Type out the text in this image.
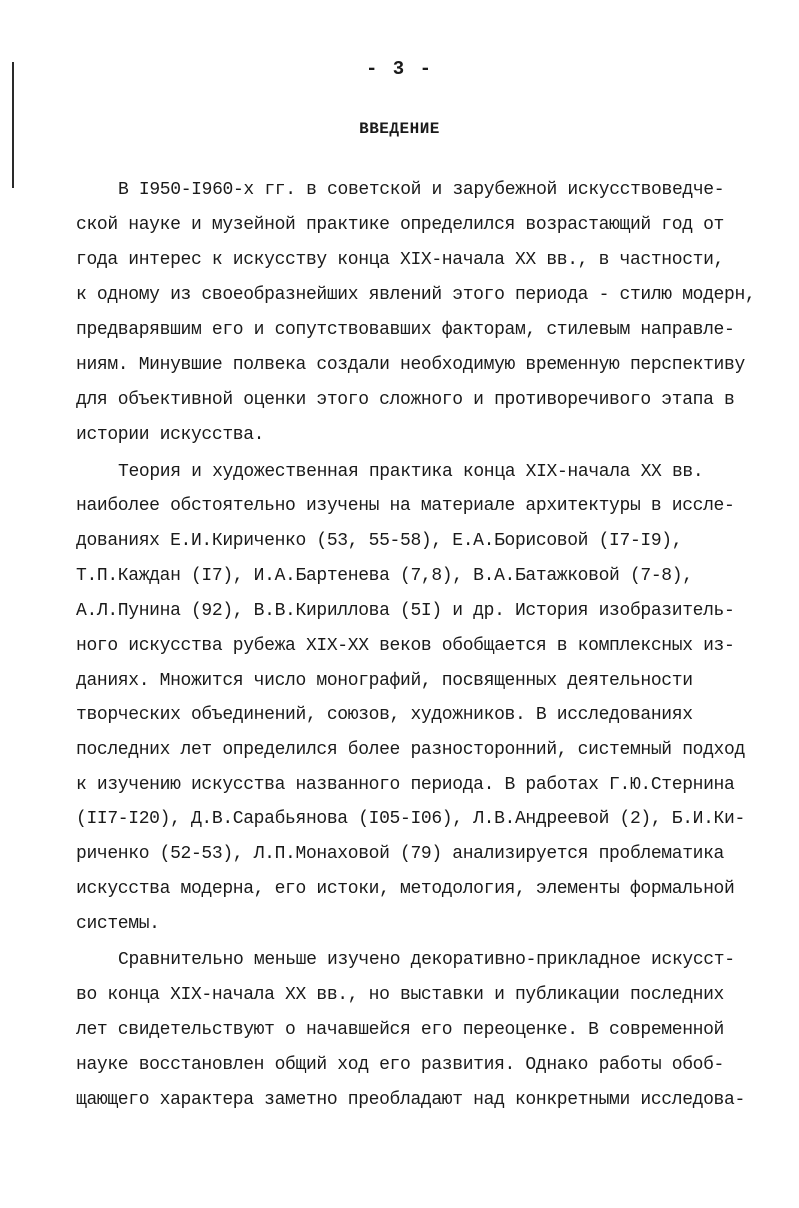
- 3 -
ВВЕДЕНИЕ
В I950-I960-х гг. в советской и зарубежной искусствоведче-
ской науке и музейной практике определился возрастающий год от
года интерес к искусству конца XIX-начала XX вв., в частности,
к одному из своеобразнейших явлений этого периода - стилю модерн,
предварявшим его и сопутствовавших факторам, стилевым направле-
ниям. Минувшие полвека создали необходимую временную перспективу
для объективной оценки этого сложного и противоречивого этапа в
истории искусства.
Теория и художественная практика конца XIX-начала XX вв.
наиболее обстоятельно изучены на материале архитектуры в иссле-
дованиях Е.И.Кириченко (53, 55-58), Е.А.Борисовой (I7-I9),
Т.П.Каждан (I7), И.А.Бартенева (7,8), В.А.Батажковой (7-8),
А.Л.Пунина (92), В.В.Кириллова (5I) и др. История изобразитель-
ного искусства рубежа XIX-XX веков обобщается в комплексных из-
даниях. Множится число монографий, посвященных деятельности
творческих объединений, союзов, художников. В исследованиях
последних лет определился более разносторонний, системный подход
к изучению искусства названного периода. В работах Г.Ю.Стернина
(II7-I20), Д.В.Сарабьянова (I05-I06), Л.В.Андреевой (2), Б.И.Ки-
риченко (52-53), Л.П.Монаховой (79) анализируется проблематика
искусства модерна, его истоки, методология, элементы формальной
системы.
Сравнительно меньше изучено декоративно-прикладное искусст-
во конца XIX-начала XX вв., но выставки и публикации последних
лет свидетельствуют о начавшейся его переоценке. В современной
науке восстановлен общий ход его развития. Однако работы обоб-
щающего характера заметно преобладают над конкретными исследова-
